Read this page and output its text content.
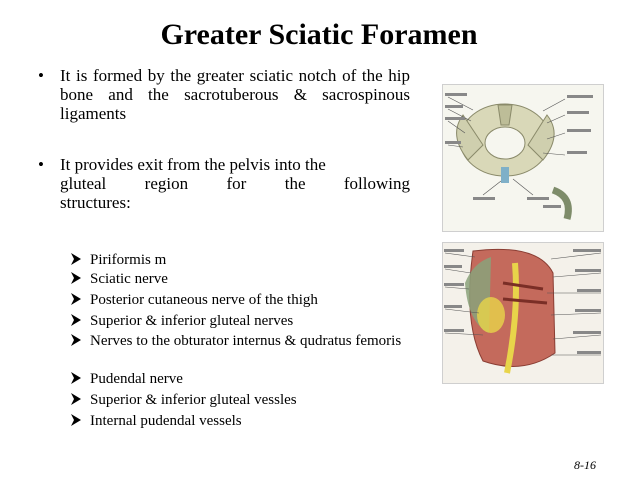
Greater Sciatic Foramen
• It is formed by the greater sciatic notch of the hip bone and the sacrotuberous & sacrospinous ligaments
• It provides exit from the pelvis into the
gluteal region for the following
structures:
Piriformis m
Sciatic nerve
Posterior cutaneous nerve of the thigh
Superior & inferior gluteal nerves
Nerves to the obturator internus & qudratus femoris
Pudendal nerve
Superior & inferior gluteal vessles
Internal pudendal vessels
8-16
